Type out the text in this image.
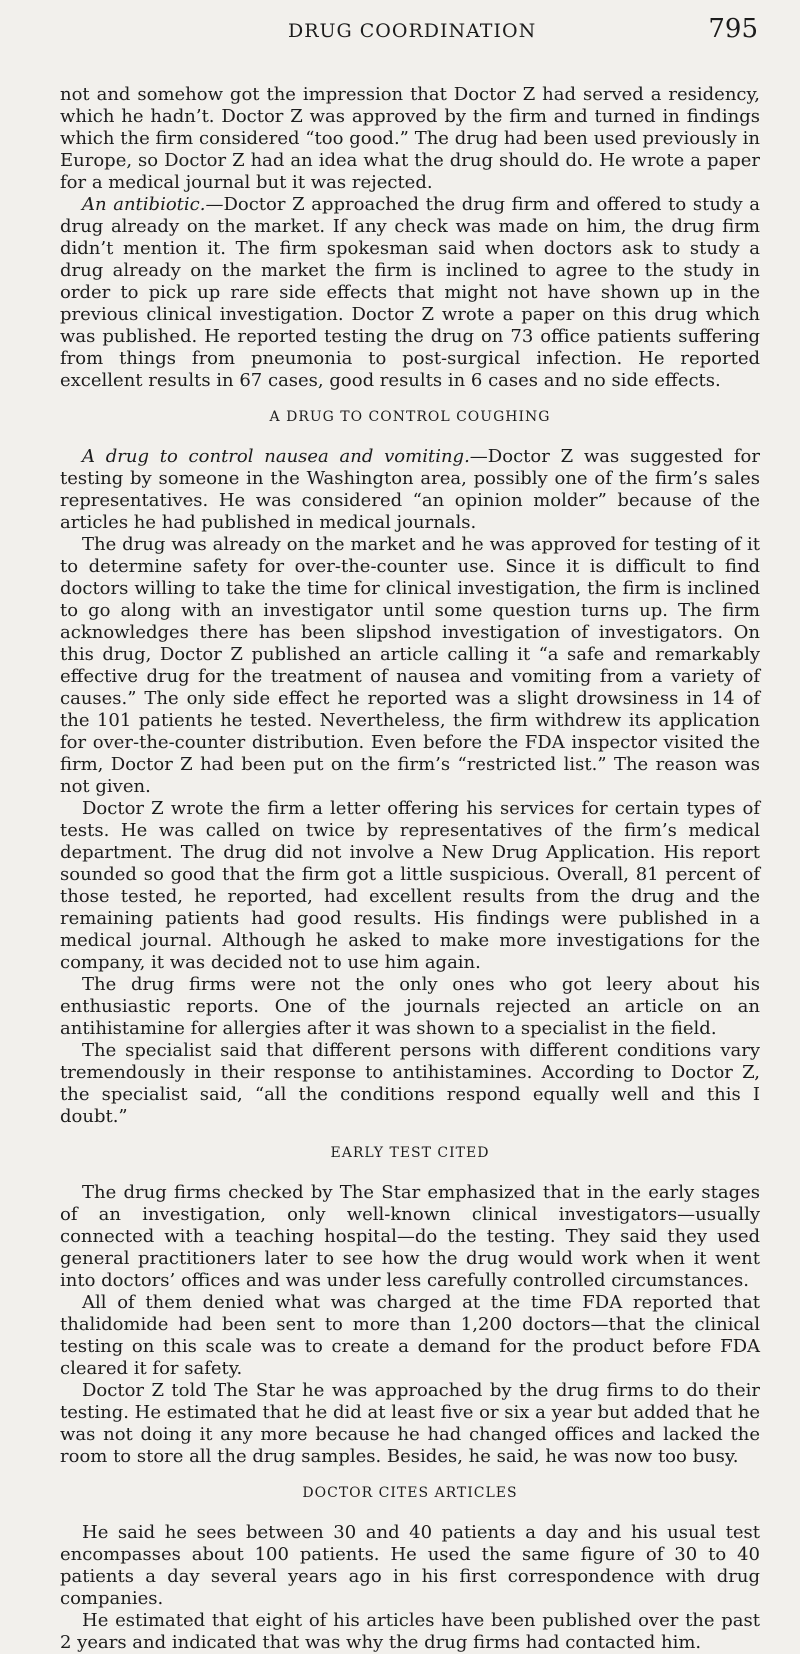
DRUG COORDINATION	795

not and somehow got the impression that Doctor Z had served a residency, which he hadn’t. Doctor Z was approved by the firm and turned in findings which the firm considered “too good.” The drug had been used previously in Europe, so Doctor Z had an idea what the drug should do. He wrote a paper for a medical journal but it was rejected.

An antibiotic.—Doctor Z approached the drug firm and offered to study a drug already on the market. If any check was made on him, the drug firm didn’t mention it. The firm spokesman said when doctors ask to study a drug already on the market the firm is inclined to agree to the study in order to pick up rare side effects that might not have shown up in the previous clinical investigation. Doctor Z wrote a paper on this drug which was published. He reported testing the drug on 73 office patients suffering from things from pneumonia to post-surgical infection. He reported excellent results in 67 cases, good results in 6 cases and no side effects.

A DRUG TO CONTROL COUGHING

A drug to control nausea and vomiting.—Doctor Z was suggested for testing by someone in the Washington area, possibly one of the firm’s sales representatives. He was considered “an opinion molder” because of the articles he had published in medical journals.

The drug was already on the market and he was approved for testing of it to determine safety for over-the-counter use. Since it is difficult to find doctors willing to take the time for clinical investigation, the firm is inclined to go along with an investigator until some question turns up. The firm acknowledges there has been slipshod investigation of investigators. On this drug, Doctor Z published an article calling it “a safe and remarkably effective drug for the treatment of nausea and vomiting from a variety of causes.” The only side effect he reported was a slight drowsiness in 14 of the 101 patients he tested. Nevertheless, the firm withdrew its application for over-the-counter distribution. Even before the FDA inspector visited the firm, Doctor Z had been put on the firm’s “restricted list.” The reason was not given.

Doctor Z wrote the firm a letter offering his services for certain types of tests. He was called on twice by representatives of the firm’s medical department. The drug did not involve a New Drug Application. His report sounded so good that the firm got a little suspicious. Overall, 81 percent of those tested, he reported, had excellent results from the drug and the remaining patients had good results. His findings were published in a medical journal. Although he asked to make more investigations for the company, it was decided not to use him again.

The drug firms were not the only ones who got leery about his enthusiastic reports. One of the journals rejected an article on an antihistamine for allergies after it was shown to a specialist in the field.

The specialist said that different persons with different conditions vary tremendously in their response to antihistamines. According to Doctor Z, the specialist said, “all the conditions respond equally well and this I doubt.”

EARLY TEST CITED

The drug firms checked by The Star emphasized that in the early stages of an investigation, only well-known clinical investigators—usually connected with a teaching hospital—do the testing. They said they used general practitioners later to see how the drug would work when it went into doctors’ offices and was under less carefully controlled circumstances.

All of them denied what was charged at the time FDA reported that thalidomide had been sent to more than 1,200 doctors—that the clinical testing on this scale was to create a demand for the product before FDA cleared it for safety.

Doctor Z told The Star he was approached by the drug firms to do their testing. He estimated that he did at least five or six a year but added that he was not doing it any more because he had changed offices and lacked the room to store all the drug samples. Besides, he said, he was now too busy.

DOCTOR CITES ARTICLES

He said he sees between 30 and 40 patients a day and his usual test encompasses about 100 patients. He used the same figure of 30 to 40 patients a day several years ago in his first correspondence with drug companies.

He estimated that eight of his articles have been published over the past 2 years and indicated that was why the drug firms had contacted him.
